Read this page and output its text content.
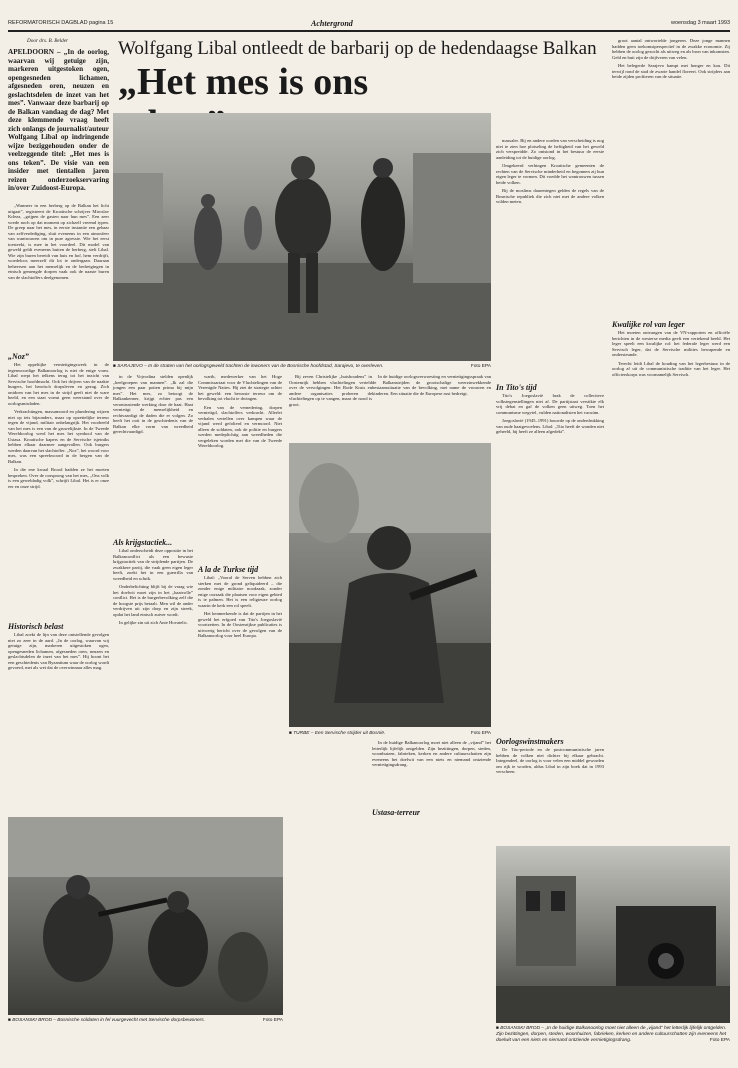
REFORMATORISCH DAGBLAD pagina 15	Achtergrond	woensdag 3 maart 1993
Door drs. B. Belder
APELDOORN – „In de oorlog, waarvan wij getuige zijn, markeren uitgestoken ogen, opengesneden lichamen, afgesneden oren, neuzen en geslachtsdelen de inzet van het mes”. Vanwaar deze barbarij op de Balkan vandaag de dag? Met deze klemmende vraag heeft zich onlangs de journalist/auteur Wolfgang Libal op indringende wijze beziggehouden onder de veelzeggende titel: „Het mes is ons teken”. De visie van een insider met tientallen jaren reizen onderzoekservaring in/over Zuidoost-Europa.
Wolfgang Libal ontleedt de barbarij op de hedendaagse Balkan
„Het mes is ons
■ SARAJEVO – In de straten van het oorlogsgeweld trachten de inwoners van de Bosnische hoofdstad, Sarajevo, te overleven.	Foto EPA

„Wanneer in een herberg op de Balkan het licht uitgaat”, registreert de Kroatische schrijver Miroslav Krleza, „grijpen de gasten naar hun mes”. Een zeer wrede noch op dat moment op zichzelf vreemd typen. De greep naar het mes, in eerste instantie een gebaar van zelfverdediging, sluit eveneens in een atmosfeer van wantrouwen om in pure agressie. Wie het eerst toesteekt, is mee in het voordeel. Dit model van geweld geldt eveneens buiten de herberg, stelt Libal. Wie zijn buren bereidt van huis en hof, hem verdrijft, woedeloos meerzelf dit lot te ondergaan. Daaraan beheersen aan het menselijk en de bedreigingen in etnisch gemengde dorpen vaak ook de naaste buren van de slachtoffers deelgenomen.

„Noz”

Het oppeliijke vernietigingswerk in de tegenwoordige Balkanoorlog is niet de enige vorm. Libal roept het telkens terug tot het inzicht van Servische hoofdmacht. Ook het drijven van de naakte burgers, het heroïsch dorpsleven en gezag. Zich ontdoen van het mes in de strijd geeft niet de ware beeld, en een staat vormt geen weerstand over de oorlogsmisdaden.

Verkrachtingen, massamoord en plundering wijzen niet op iets bijzonders, maar op opzettelijke terreur tegen de vijand, militair onbelangrijk. Het voorbeeld van het mes is een van de gruwelijkste. In de Tweede Wereldoorlog werd het mes het symbool van de Ustasa. Kroatische kapers en de Servische tsjetniks hebben elkaar daarmee aangevallen. Ook burgers werden daarvan het slachtoffer. „Noz”, het woord voor mes, was een spreekwoord in de bergen van de Balkan.

In die ene kwaal Brood hadden ze het moeten bespreken. Over de oorsprong van het mes, „Ons volk is een geweldadig volk”, schrijft Libal. Het is er onze eer en onze strijd.

Historisch belast

Libal zoekt de lijn van deze ontstellende gevolgen niet zo zeer in de aard. „In de oorlog, waarvan wij getuige zijn, markeren uitgestoken ogen, opengesneden lichamen, afgesneden oren, neuzen en geslachtsdelen de inzet van het mes”. Hij hoont het een geschiedenis van Byzantium waar de oorlog wordt gevoerd, met als wet dat de overwinnaar alles mag.

in de Vojvodina stelden openlijk „heelgroepen van mannen”. „Ik zal die jongen een paar potten prima bij mijn mes”. Het mes, zo betoogt de Balkankenner, krijgt echter pas een verontrustende werking door de haat. Haat vernietigt de menselijkheid en rechtvaardigt de daden die er volgen. Zo heeft het ooit in de geschiedenis van de Balkan elke vorm van wreedheid gerechtvaardigd.

Als krijgstactiek...

Libal onderscheidt deze oppositie in het Balkanconflict als een bewuste krijgstactiek van de strijdende partijen. De zwakkere partij, die vaak geen eigen leger heeft, zoekt het in een guerrilla van wreedheid en schrik.

Onderbelichting blijft bij de vraag wie het doelwit moet zijn in het „haatvolle” conflict. Het is de burgerbevolking zelf die de hoogste prijs betaalt. Men wil de ander verdrijven uit zijn dorp en zijn streek, opdat het land etnisch zuiver wordt.

In gelijke zin uit zich Ante Hovatelic.

warth, medewerker van het Hoge Commissariaat voor de Vluchtelingen van de Verenigde Naties. Hij ziet de strategie achter het geweld: een bewuste terreur om de bevolking tot vlucht te dwingen.

Een van de vernedering, dorpen vernietigd, slachtoffers verkracht. Allerlei verhalen vertellen over kampen waar de vijand werd gefolterd en vermoord. Niet alleen de soldaten, ook de politie en burgers werden medeplichtig aan wreedheden die vergeleken worden met die van de Tweede Wereldoorlog.

A la de Turkse tijd

Libal: „Vooral de Serven hebben zich sterken met de grond geliquideerd – die zonder enige militaire noodzaak, zonder enige oorzaak die plaatsen voor eigen gebied is te palmen. Het is een religieuze oorlog waarin de kerk een rol speelt.

Het kenmerkende is dat de partijen in het geweld het erfgoed van Tito's Joegoslavië voortzetten. In de Oostenrijkse publicaties is uitvoerig bericht over de gevolgen van de Balkanoorlog voor heel Europa.

Bij zeven Christelijke „huishoudens” in Oostenrijk hebben vluchtelingen verteld over de vervolgingen. Het Rode Kruis en andere organisaties proberen de vluchtelingen op te vangen, maar de nood is groot.

■ TURBE – Een Servische strijder uit Bosnië.	Foto EPA

In de huidige oorlogsverwoesting en vernietigingsspraak van de Balkanstrijden de grootschalige weerzinwekkende bestaanssituatie van de bevolking, met name de vrouwen en kinderen. Een situatie die de Europese rust bedreigt.

In Tito's tijd

massaler. Bij en andere oorden van verscheiding is nog niet te zien hoe plotseling de heftigheid van het geweld zich verspreidde. Zo ontstond in het bestuur de eerste aanleiding tot de huidige oorlog.

Omgekeerd verhingen Kroatische gemeenten de rechten van de Servische minderheid en begonnen zij hun eigen leger te vormen. Dit voedde het wantrouwen tussen beide volken.

Bij de moslims daarentegen gelden de regels van de Bosnische republiek die zich niet met de andere volken wilden meten.

Tito's Joegoslavië brak de collectieve volkstegenstellingen niet af. De partijstaat verstikte elk vrij debat en gaf de volken geen uitweg. Toen het communisme wegviel, vulden nationalisten het vacuüm.

Joegoslavië (1945–1991) bouwde op de onderdrukking van oude haatgevoelens. Libal: „Tito heeft de wonden niet geheeld, hij heeft ze alleen afgedekt”.

groot aantal ontwortelde jongeren. Deze jonge mannen hadden geen toekomstperspectief in de zwakke economie. Zij hebben de oorlog gezocht als uitweg en als bron van inkomsten. Geld en buit zijn de drijfveren van velen.

Het belegerde Sarajevo kampt met honger en kou. Dit terwijl rond de stad de zwarte handel floreert. Ook strijders aan beide zijden profiteren van de situatie.

Kwalijke rol van leger

Het moeten ontvangen van de VN-rapporten en officiële berichten in de westerse media geeft een vertekend beeld. Het leger speelt een kwalijke rol: het federale leger werd een Servisch leger, dat de Servische milities bewapende en ondersteunde.

Terecht leidt Libal de houding van het legerbestuur in de oorlog af uit de communistische traditie van het leger. Het officierskorps was voornamelijk Servisch.

In de huidige Balkanoorlog moet niet alleen de „vijand” het letterlijk lijfelijk ontgelden. Zijn bezittingen, dorpen, steden, woonhuizen, fabrieken, kerken en andere cultuurschatten zijn eveneens het doelwit van een niets en niemand ontziende vernietigingsdrang.

Ustasa-terreur
Oorlogswinstmakers

De Tito-periode en de postcommunistische jaren hebben de volken niet dichter bij elkaar gebracht. Integendeel, de oorlog is voor velen een middel geworden om rijk te worden, aldus Libal in zijn boek dat in 1993 verscheen.

■ BOSANSKI BROD – Bosnische soldaten in fel vuurgevecht met Servische dorpsbewoners.	Foto EPA
■ BOSANSKI BROD – „In de huidige Balkanoorlog moet niet alleen de „vijand” het letterlijk lijfelijk ontgelden. Zijn bezittingen, dorpen, steden, woonhuizen, fabrieken, kerken en andere cultuurschatten zijn eveneens het doelwit van een niets en niemand ontziende vernietigingsdrang.	Foto EPA
